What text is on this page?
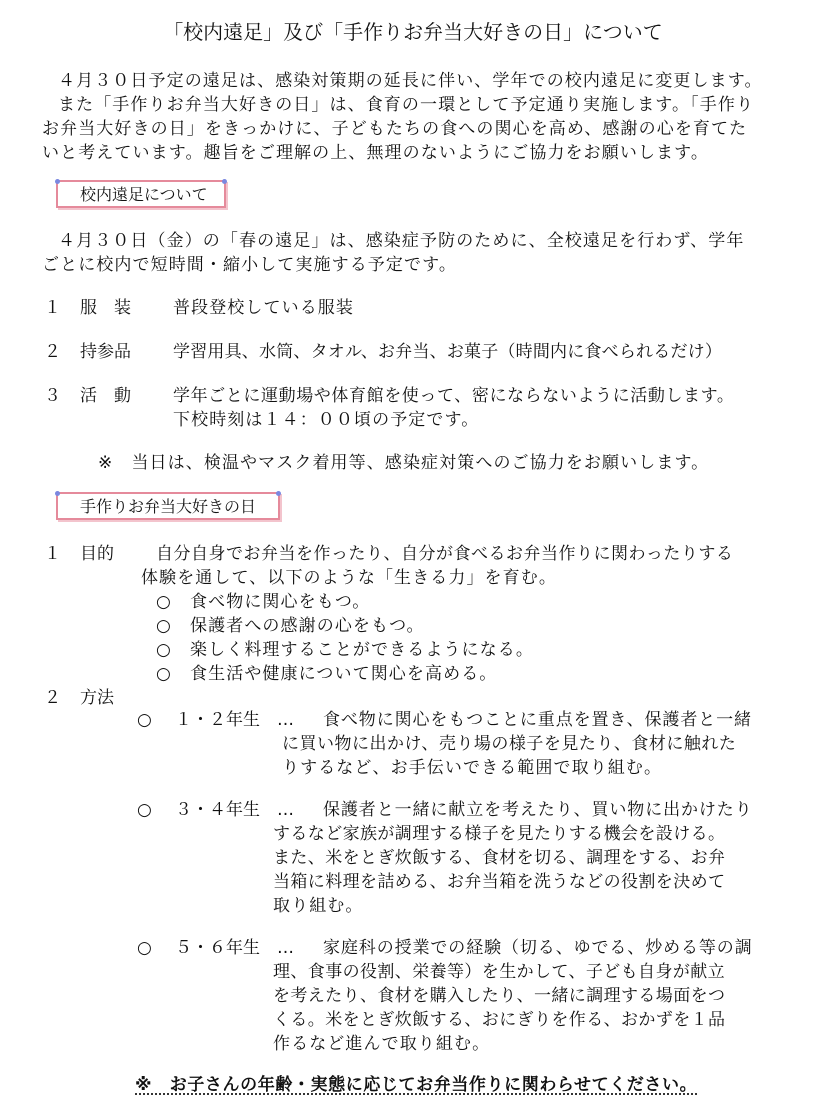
「校内遠足」及び「手作りお弁当大好きの日」について
４月３０日予定の遠足は、感染対策期の延長に伴い、学年での校内遠足に変更します。
また「手作りお弁当大好きの日」は、食育の一環として予定通り実施します。「手作り
お弁当大好きの日」をきっかけに、子どもたちの食への関心を高め、感謝の心を育てた
いと考えています。趣旨をご理解の上、無理のないようにご協力をお願いします。
校内遠足について
４月３０日（金）の「春の遠足」は、感染症予防のために、全校遠足を行わず、学年
ごとに校内で短時間・縮小して実施する予定です。
１ 服　装 普段登校している服装
２ 持参品 学習用具、水筒、タオル、お弁当、お菓子（時間内に食べられるだけ）
３ 活　動 学年ごとに運動場や体育館を使って、密にならないように活動します。
下校時刻は１４：００頃の予定です。
※　当日は、検温やマスク着用等、感染症対策へのご協力をお願いします。
手作りお弁当大好きの日
１ 目的 自分自身でお弁当を作ったり、自分が食べるお弁当作りに関わったりする
体験を通して、以下のような「生きる力」を育む。
○　食べ物に関心をもつ。
○　保護者への感謝の心をもつ。
○　楽しく料理することができるようになる。
○　食生活や健康について関心を高める。
２ 方法
○ １・２年生　… 食べ物に関心をもつことに重点を置き、保護者と一緒
に買い物に出かけ、売り場の様子を見たり、食材に触れた
りするなど、お手伝いできる範囲で取り組む。
○ ３・４年生　… 保護者と一緒に献立を考えたり、買い物に出かけたり
するなど家族が調理する様子を見たりする機会を設ける。
また、米をとぎ炊飯する、食材を切る、調理をする、お弁
当箱に料理を詰める、お弁当箱を洗うなどの役割を決めて
取り組む。
○ ５・６年生　… 家庭科の授業での経験（切る、ゆでる、炒める等の調
理、食事の役割、栄養等）を生かして、子ども自身が献立
を考えたり、食材を購入したり、一緒に調理する場面をつ
くる。米をとぎ炊飯する、おにぎりを作る、おかずを１品
作るなど進んで取り組む。
※　お子さんの年齢・実態に応じてお弁当作りに関わらせてください。
